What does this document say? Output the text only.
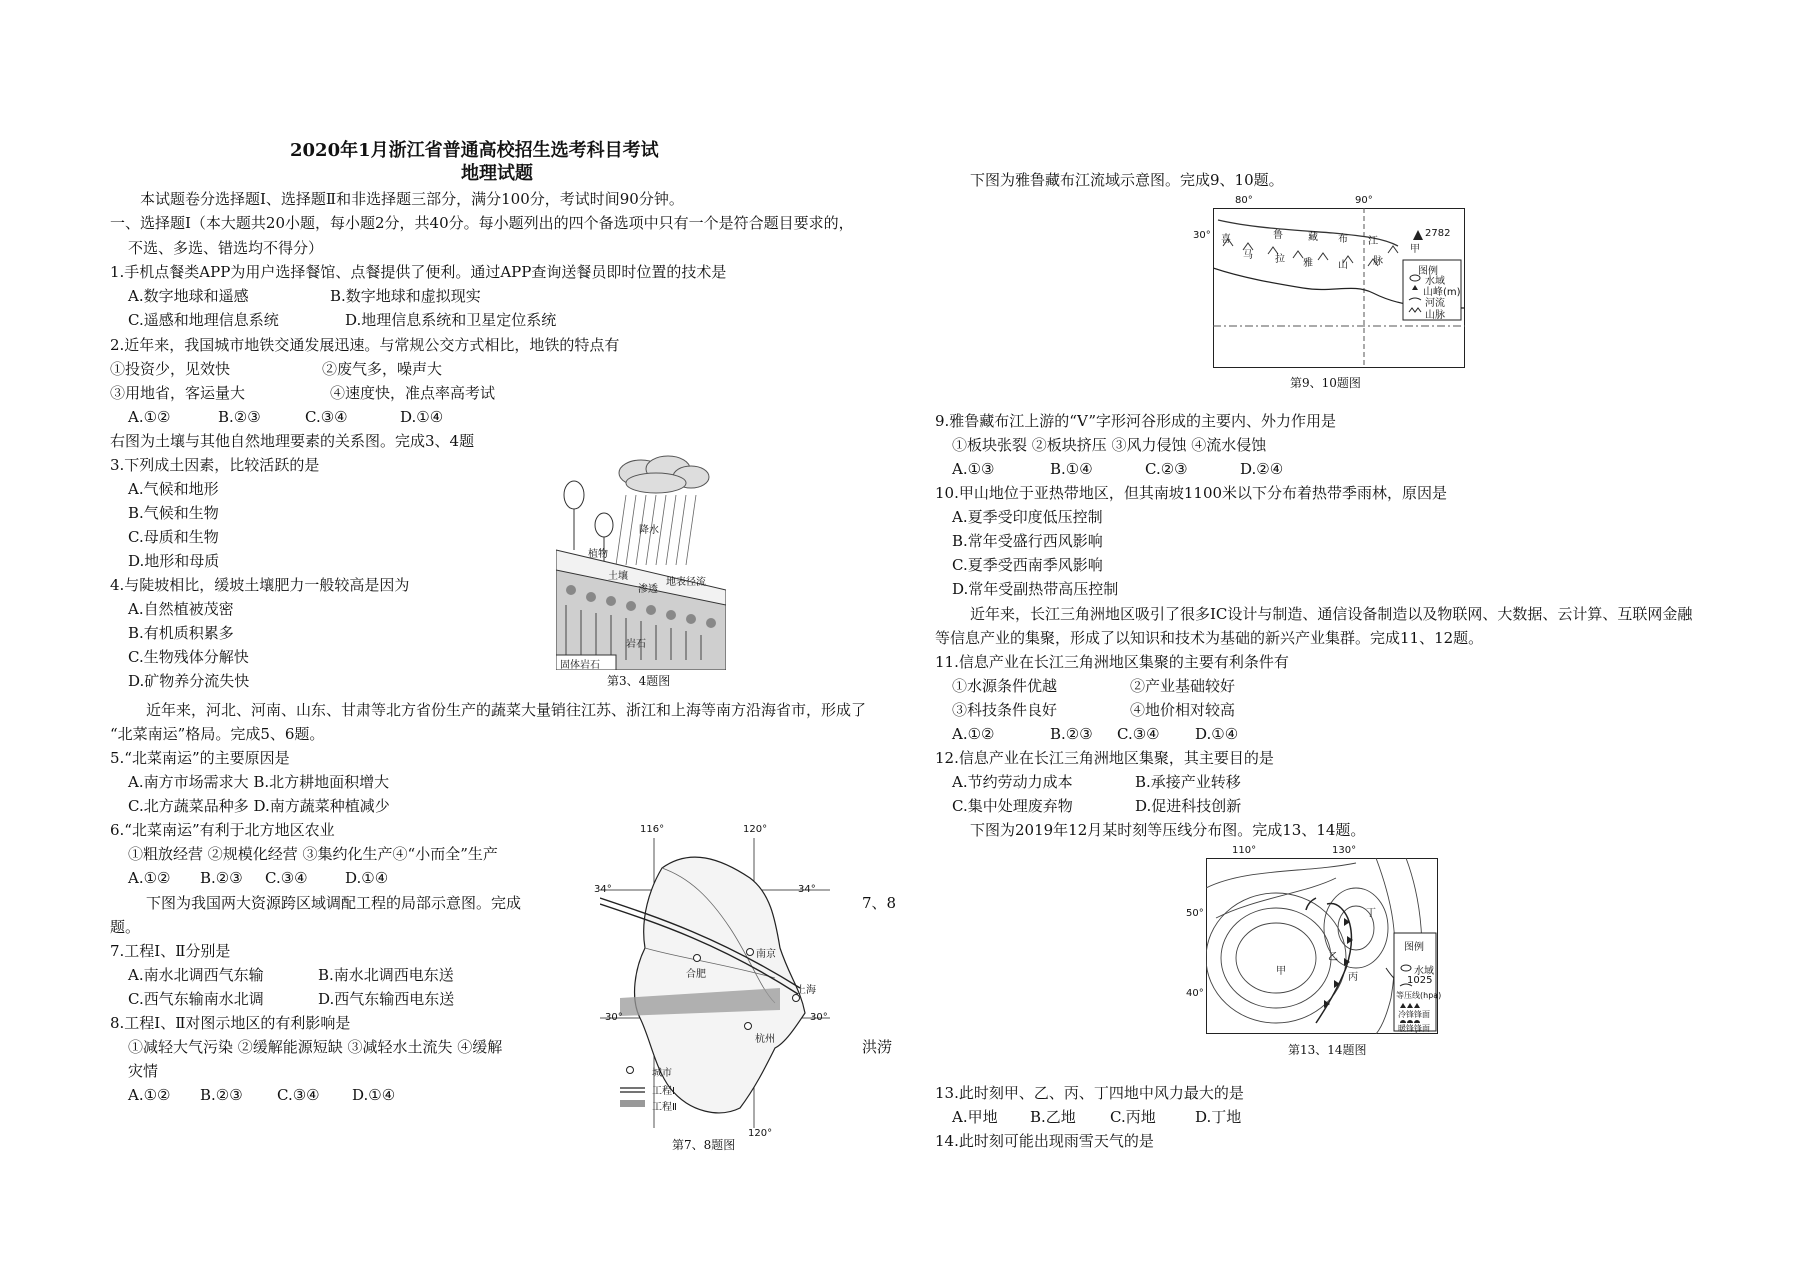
2020年1月浙江省普通高校招生选考科目考试
地理试题
本试题卷分选择题Ⅰ、选择题Ⅱ和非选择题三部分，满分100分，考试时间90分钟。
一、选择题Ⅰ（本大题共20小题，每小题2分，共40分。每小题列出的四个备选项中只有一个是符合题目要求的，
不选、多选、错选均不得分）
1.手机点餐类APP为用户选择餐馆、点餐提供了便利。通过APP查询送餐员即时位置的技术是
A.数字地球和遥感	B.数字地球和虚拟现实
C.遥感和地理信息系统	D.地理信息系统和卫星定位系统
2.近年来，我国城市地铁交通发展迅速。与常规公交方式相比，地铁的特点有
①投资少，见效快	②废气多，噪声大
③用地省，客运量大	④速度快，准点率高考试
A.①②	B.②③	C.③④	D.①④
右图为土壤与其他自然地理要素的关系图。完成3、4题
3.下列成土因素，比较活跃的是
A.气候和地形
B.气候和生物
C.母质和生物
D.地形和母质
4.与陡坡相比，缓坡土壤肥力一般较高是因为
A.自然植被茂密
B.有机质积累多
C.生物残体分解快
D.矿物养分流失快
降水
植物
土壤
地表径流
渗透
岩石
固体岩石
第3、4题图
近年来，河北、河南、山东、甘肃等北方省份生产的蔬菜大量销往江苏、浙江和上海等南方沿海省市，形成了
“北菜南运”格局。完成5、6题。
5.“北菜南运”的主要原因是
A.南方市场需求大 B.北方耕地面积增大
C.北方蔬菜品种多 D.南方蔬菜种植减少
6.“北菜南运”有利于北方地区农业
①粗放经营 ②规模化经营 ③集约化生产④“小而全”生产
A.①② B.②③ C.③④ D.①④
下图为我国两大资源跨区域调配工程的局部示意图。完成	7、8
题。
7.工程Ⅰ、Ⅱ分别是
A.南水北调西气东输	B.南水北调西电东送
C.西气东输南水北调	D.西气东输西电东送
8.工程Ⅰ、Ⅱ对图示地区的有利影响是
①减轻大气污染 ②缓解能源短缺 ③减轻水土流失 ④缓解	洪涝
灾情
A.①② B.②③ C.③④ D.①④
116°	120°
120°
34°	34°
30°	30°
南京
合肥
上海
杭州
城市
工程Ⅰ
工程Ⅱ
第7、8题图
下图为雅鲁藏布江流域示意图。完成9、10题。
80°	90°
30° 喜
马 拉 雅	山	脉
鲁	藏 布 江
2782
甲
图例
水域
山峰(m)
河流
山脉
第9、10题图
9.雅鲁藏布江上游的“V”字形河谷形成的主要内、外力作用是
①板块张裂 ②板块挤压 ③风力侵蚀 ④流水侵蚀
A.①③	B.①④	C.②③	D.②④
10.甲山地位于亚热带地区，但其南坡1100米以下分布着热带季雨林，原因是
A.夏季受印度低压控制
B.常年受盛行西风影响
C.夏季受西南季风影响
D.常年受副热带高压控制
近年来，长江三角洲地区吸引了很多IC设计与制造、通信设备制造以及物联网、大数据、云计算、互联网金融
等信息产业的集聚，形成了以知识和技术为基础的新兴产业集群。完成11、12题。
11.信息产业在长江三角洲地区集聚的主要有利条件有
①水源条件优越	②产业基础较好
③科技条件良好	④地价相对较高
A.①②	B.②③ C.③④ D.①④
12.信息产业在长江三角洲地区集聚，其主要目的是
A.节约劳动力成本	B.承接产业转移
C.集中处理废弃物	D.促进科技创新
下图为2019年12月某时刻等压线分布图。完成13、14题。
110°	130°
50°
40°
甲
乙
丙
丁
图例
水域
1025
等压线(hpa)
冷锋锋面
暖锋锋面
第13、14题图
13.此时刻甲、乙、丙、丁四地中风力最大的是
A.甲地 B.乙地 C.丙地	D.丁地
14.此时刻可能出现雨雪天气的是
